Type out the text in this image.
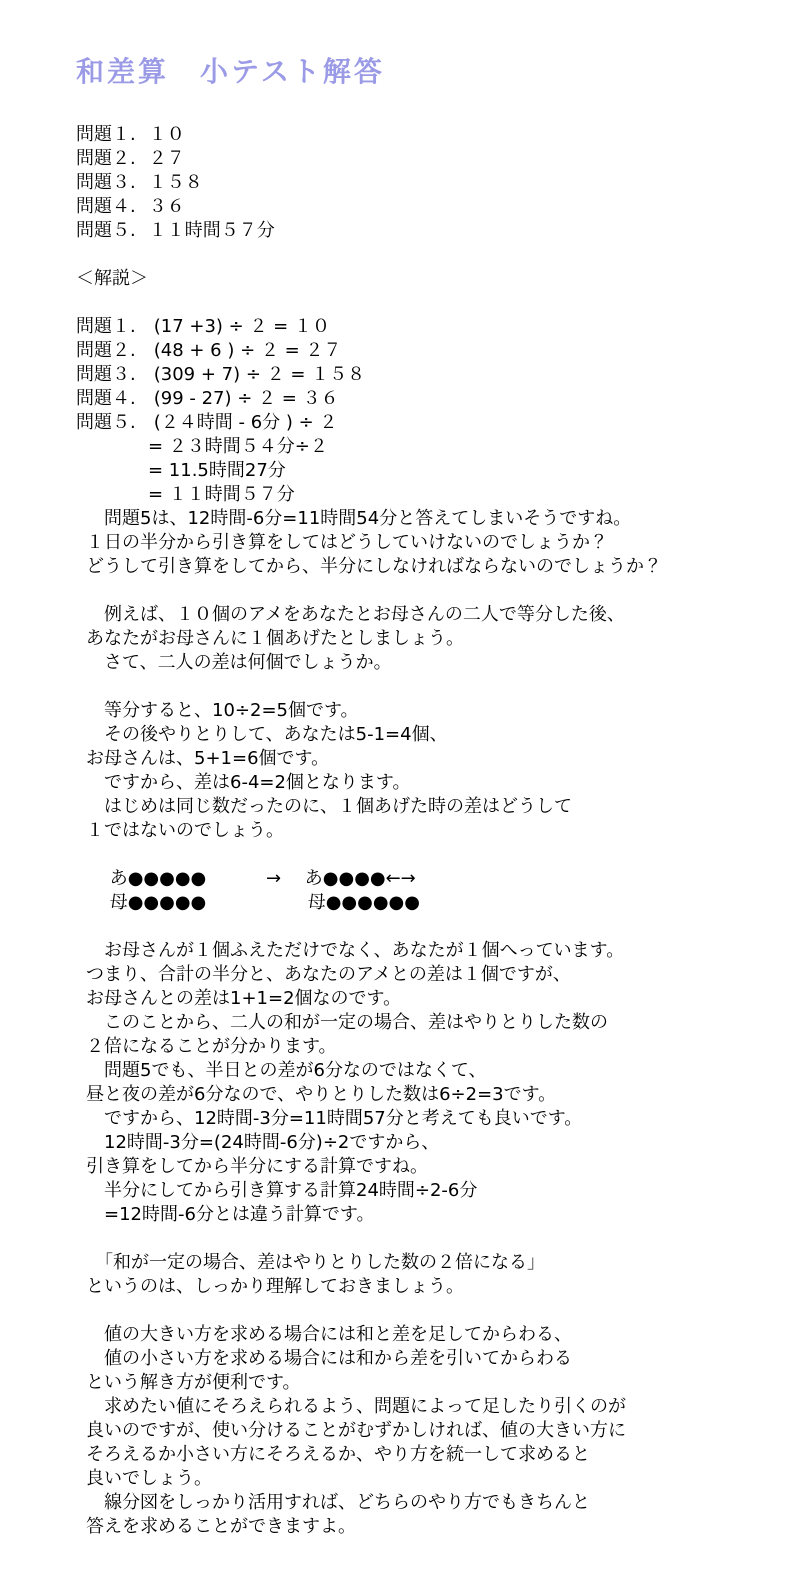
和差算　小テスト解答
問題１. １０
問題２. ２７
問題３. １５８
問題４. ３６
問題５. １１時間５７分
＜解説＞
問題１. (17 +3) ÷ ２ = １０
問題２. (48 + 6 ) ÷ ２ = ２７
問題３. (309 + 7) ÷ ２ = １５８
問題４. (99 - 27) ÷ ２ = ３６
問題５. (２４時間 - 6分 ) ÷ ２
= ２３時間５４分÷２
= 11.5時間27分
= １１時間５７分
　問題5は、12時間-6分=11時間54分と答えてしまいそうですね。
１日の半分から引き算をしてはどうしていけないのでしょうか？
どうして引き算をしてから、半分にしなければならないのでしょうか？
　例えば、１０個のアメをあなたとお母さんの二人で等分した後、
あなたがお母さんに１個あげたとしましょう。
　さて、二人の差は何個でしょうか。
　等分すると、10÷2=5個です。
　その後やりとりして、あなたは5-1=4個、
お母さんは、5+1=6個です。
　ですから、差は6-4=2個となります。
　はじめは同じ数だったのに、１個あげた時の差はどうして
１ではないのでしょう。
　 あ●●●●●　　　 →　 あ●●●●←→
　 母●●●●●　　　　　  母●●●●●●
　お母さんが１個ふえただけでなく、あなたが１個へっています。
つまり、合計の半分と、あなたのアメとの差は１個ですが、
お母さんとの差は1+1=2個なのです。
　このことから、二人の和が一定の場合、差はやりとりした数の
２倍になることが分かります。
　問題5でも、半日との差が6分なのではなくて、
昼と夜の差が6分なので、やりとりした数は6÷2=3です。
　ですから、12時間-3分=11時間57分と考えても良いです。
　12時間-3分=(24時間-6分)÷2ですから、
引き算をしてから半分にする計算ですね。
　半分にしてから引き算する計算24時間÷2-6分
　=12時間-6分とは違う計算です。
　「和が一定の場合、差はやりとりした数の２倍になる」
というのは、しっかり理解しておきましょう。
　値の大きい方を求める場合には和と差を足してからわる、
　値の小さい方を求める場合には和から差を引いてからわる
という解き方が便利です。
　求めたい値にそろえられるよう、問題によって足したり引くのが
良いのですが、使い分けることがむずかしければ、値の大きい方に
そろえるか小さい方にそろえるか、やり方を統一して求めると
良いでしょう。
　線分図をしっかり活用すれば、どちらのやり方でもきちんと
答えを求めることができますよ。
